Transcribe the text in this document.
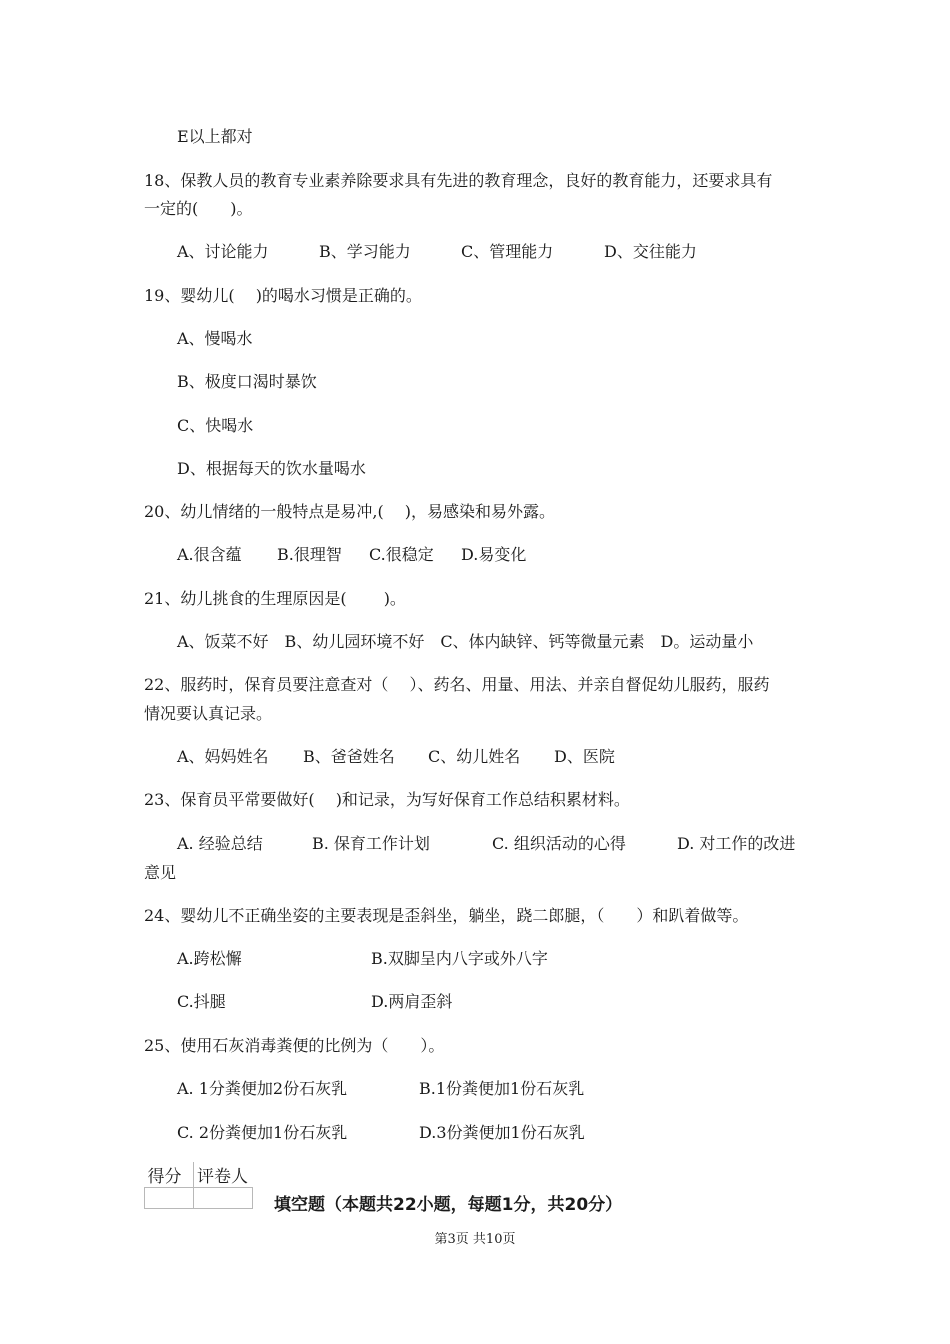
E以上都对
18、保教人员的教育专业素养除要求具有先进的教育理念，良好的教育能力，还要求具有
一定的(　　)。
A、讨论能力	B、学习能力	C、管理能力	D、交往能力
19、婴幼儿(　 )的喝水习惯是正确的。
A、慢喝水
B、极度口渴时暴饮
C、快喝水
D、根据每天的饮水量喝水
20、幼儿情绪的一般特点是易冲,(　 )，易感染和易外露。
A.很含蕴 B.很理智 C.很稳定 D.易变化
21、幼儿挑食的生理原因是(　　 )。
A、饭菜不好　B、幼儿园环境不好　C、体内缺锌、钙等微量元素　D。运动量小
22、服药时，保育员要注意查对（　 ）、药名、用量、用法、并亲自督促幼儿服药，服药
情况要认真记录。
A、妈妈姓名 B、爸爸姓名 C、幼儿姓名 D、医院
23、保育员平常要做好(　 )和记录，为写好保育工作总结积累材料。
A. 经验总结	B. 保育工作计划	C. 组织活动的心得	D. 对工作的改进
意见
24、婴幼儿不正确坐姿的主要表现是歪斜坐，躺坐，跷二郎腿，（　　）和趴着做等。
A.跨松懈	B.双脚呈内八字或外八字
C.抖腿	D.两肩歪斜
25、使用石灰消毒粪便的比例为（　　）。
A. 1分粪便加2份石灰乳	B.1份粪便加1份石灰乳
C. 2份粪便加1份石灰乳	D.3份粪便加1份石灰乳
得分	评卷人

填空题（本题共22小题，每题1分，共20分）
第3页 共10页
